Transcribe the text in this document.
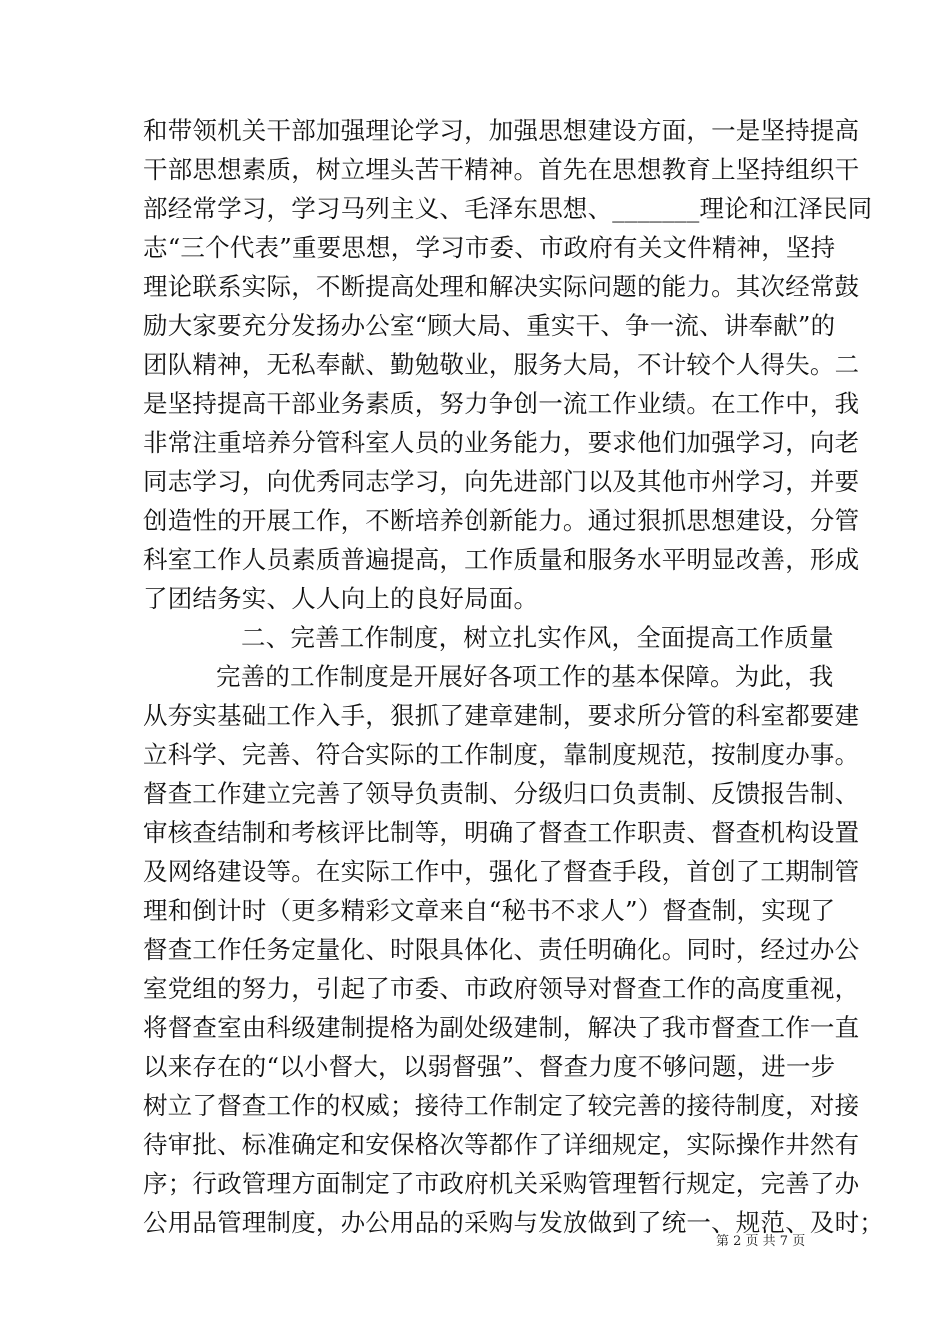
和带领机关干部加强理论学习，加强思想建设方面，一是坚持提高
干部思想素质，树立埋头苦干精神。首先在思想教育上坚持组织干
部经常学习，学习马列主义、毛泽东思想、_______理论和江泽民同
志“三个代表”重要思想，学习市委、市政府有关文件精神，坚持
理论联系实际，不断提高处理和解决实际问题的能力。其次经常鼓
励大家要充分发扬办公室“顾大局、重实干、争一流、讲奉献”的
团队精神，无私奉献、勤勉敬业，服务大局，不计较个人得失。二
是坚持提高干部业务素质，努力争创一流工作业绩。在工作中，我
非常注重培养分管科室人员的业务能力，要求他们加强学习，向老
同志学习，向优秀同志学习，向先进部门以及其他市州学习，并要
创造性的开展工作，不断培养创新能力。通过狠抓思想建设，分管
科室工作人员素质普遍提高，工作质量和服务水平明显改善，形成
了团结务实、人人向上的良好局面。
二、完善工作制度，树立扎实作风，全面提高工作质量
完善的工作制度是开展好各项工作的基本保障。为此，我
从夯实基础工作入手，狠抓了建章建制，要求所分管的科室都要建
立科学、完善、符合实际的工作制度，靠制度规范，按制度办事。
督查工作建立完善了领导负责制、分级归口负责制、反馈报告制、
审核查结制和考核评比制等，明确了督查工作职责、督查机构设置
及网络建设等。在实际工作中，强化了督查手段，首创了工期制管
理和倒计时（更多精彩文章来自“秘书不求人”）督查制，实现了
督查工作任务定量化、时限具体化、责任明确化。同时，经过办公
室党组的努力，引起了市委、市政府领导对督查工作的高度重视，
将督查室由科级建制提格为副处级建制，解决了我市督查工作一直
以来存在的“以小督大，以弱督强”、督查力度不够问题，进一步
树立了督查工作的权威；接待工作制定了较完善的接待制度，对接
待审批、标准确定和安保格次等都作了详细规定，实际操作井然有
序；行政管理方面制定了市政府机关采购管理暂行规定，完善了办
公用品管理制度，办公用品的采购与发放做到了统一、规范、及时；
第 2 页 共 7 页
